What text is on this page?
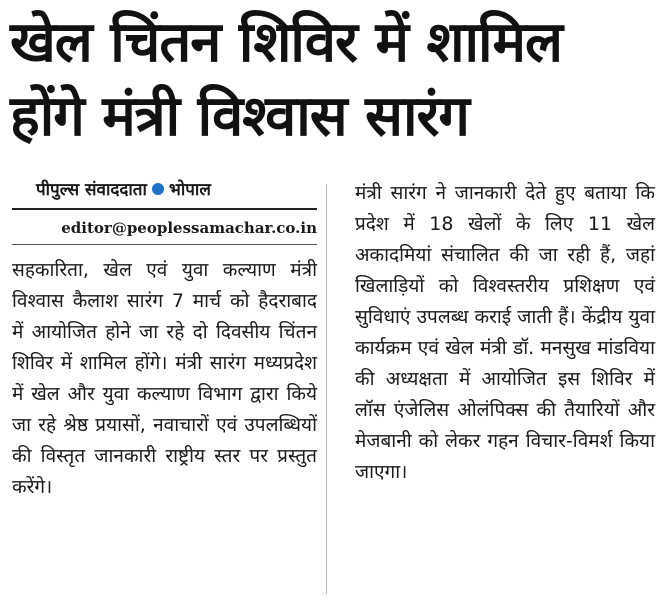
खेल चिंतन शिविर में शामिल
होंगे मंत्री विश्वास सारंग
पीपुल्स संवाददाता भोपाल
editor@peoplessamachar.co.in
सहकारिता, खेल एवं युवा कल्याण मंत्री विश्वास कैलाश सारंग 7 मार्च को हैदराबाद में आयोजित होने जा रहे दो दिवसीय चिंतन शिविर में शामिल होंगे। मंत्री सारंग मध्यप्रदेश में खेल और युवा कल्याण विभाग द्वारा किये जा रहे श्रेष्ठ प्रयासों, नवाचारों एवं उपलब्धियों की विस्तृत जानकारी राष्ट्रीय स्तर पर प्रस्तुत करेंगे।
मंत्री सारंग ने जानकारी देते हुए बताया कि प्रदेश में 18 खेलों के लिए 11 खेल अकादमियां संचालित की जा रही हैं, जहां खिलाड़ियों को विश्वस्तरीय प्रशिक्षण एवं सुविधाएं उपलब्ध कराई जाती हैं। केंद्रीय युवा कार्यक्रम एवं खेल मंत्री डॉ. मनसुख मांडविया की अध्यक्षता में आयोजित इस शिविर में लॉस एंजेलिस ओलंपिक्स की तैयारियों और मेजबानी को लेकर गहन विचार-विमर्श किया जाएगा।
